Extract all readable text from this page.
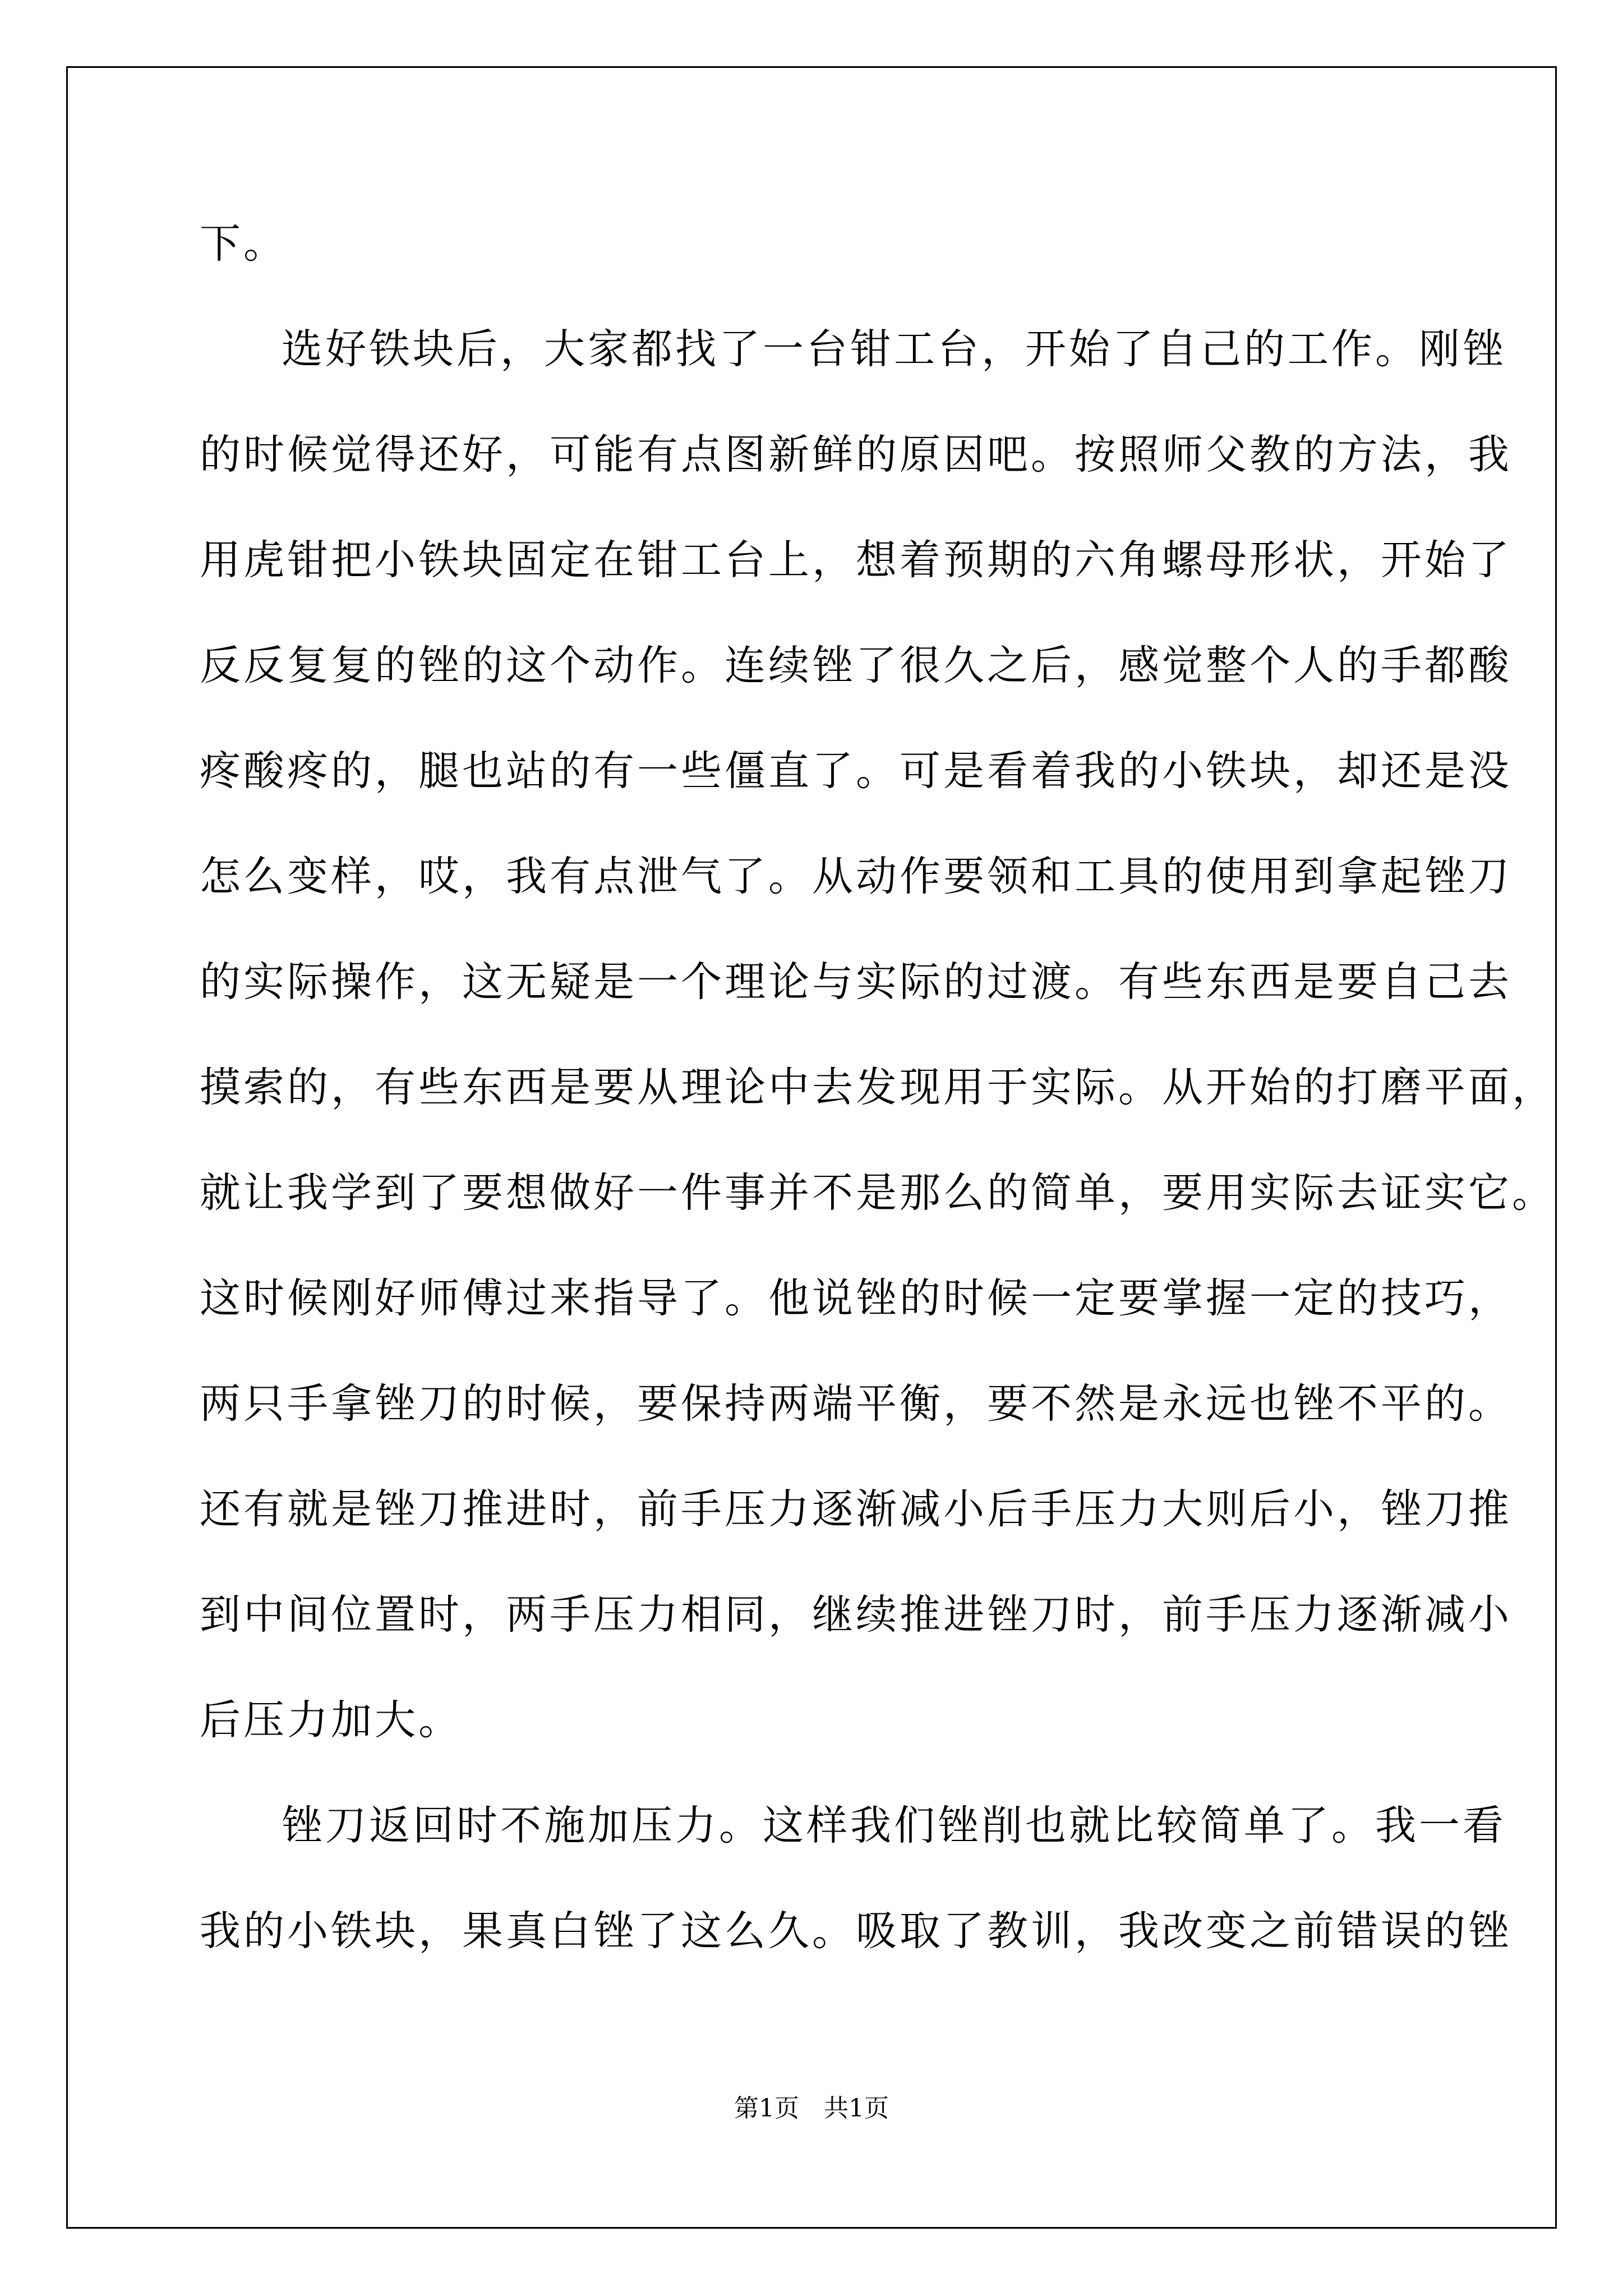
下。
选好铁块后，大家都找了一台钳工台，开始了自己的工作。刚锉
的时候觉得还好，可能有点图新鲜的原因吧。按照师父教的方法，我
用虎钳把小铁块固定在钳工台上，想着预期的六角螺母形状，开始了
反反复复的锉的这个动作。连续锉了很久之后，感觉整个人的手都酸
疼酸疼的，腿也站的有一些僵直了。可是看着我的小铁块，却还是没
怎么变样，哎，我有点泄气了。从动作要领和工具的使用到拿起锉刀
的实际操作，这无疑是一个理论与实际的过渡。有些东西是要自己去
摸索的，有些东西是要从理论中去发现用于实际。从开始的打磨平面，
就让我学到了要想做好一件事并不是那么的简单，要用实际去证实它。
这时候刚好师傅过来指导了。他说锉的时候一定要掌握一定的技巧，
两只手拿锉刀的时候，要保持两端平衡，要不然是永远也锉不平的。
还有就是锉刀推进时，前手压力逐渐减小后手压力大则后小，锉刀推
到中间位置时，两手压力相同，继续推进锉刀时，前手压力逐渐减小
后压力加大。
锉刀返回时不施加压力。这样我们锉削也就比较简单了。我一看
我的小铁块，果真白锉了这么久。吸取了教训，我改变之前错误的锉
第1页　共1页
